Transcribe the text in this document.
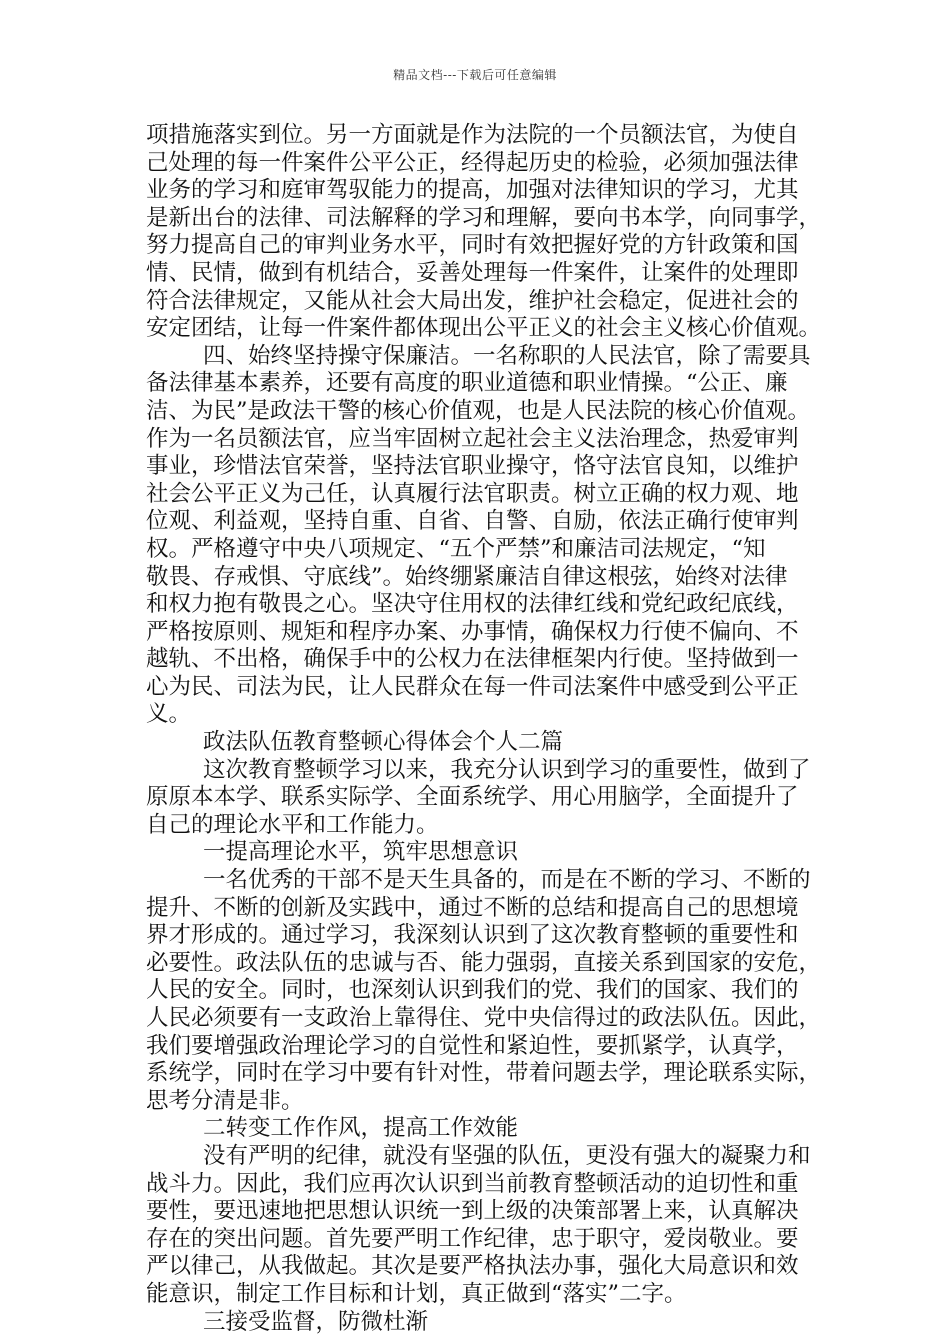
精品文档---下载后可任意编辑
项措施落实到位。另一方面就是作为法院的一个员额法官，为使自
己处理的每一件案件公平公正，经得起历史的检验，必须加强法律
业务的学习和庭审驾驭能力的提高，加强对法律知识的学习，尤其
是新出台的法律、司法解释的学习和理解，要向书本学，向同事学，
努力提高自己的审判业务水平，同时有效把握好党的方针政策和国
情、民情，做到有机结合，妥善处理每一件案件，让案件的处理即
符合法律规定，又能从社会大局出发，维护社会稳定，促进社会的
安定团结，让每一件案件都体现出公平正义的社会主义核心价值观。
四、始终坚持操守保廉洁。一名称职的人民法官，除了需要具
备法律基本素养，还要有高度的职业道德和职业情操。“公正、廉
洁、为民”是政法干警的核心价值观，也是人民法院的核心价值观。
作为一名员额法官，应当牢固树立起社会主义法治理念，热爱审判
事业，珍惜法官荣誉，坚持法官职业操守，恪守法官良知，以维护
社会公平正义为己任，认真履行法官职责。树立正确的权力观、地
位观、利益观，坚持自重、自省、自警、自励，依法正确行使审判
权。严格遵守中央八项规定、“五个严禁”和廉洁司法规定，“知
敬畏、存戒惧、守底线”。始终绷紧廉洁自律这根弦，始终对法律
和权力抱有敬畏之心。坚决守住用权的法律红线和党纪政纪底线，
严格按原则、规矩和程序办案、办事情，确保权力行使不偏向、不
越轨、不出格，确保手中的公权力在法律框架内行使。坚持做到一
心为民、司法为民，让人民群众在每一件司法案件中感受到公平正
义。
政法队伍教育整顿心得体会个人二篇
这次教育整顿学习以来，我充分认识到学习的重要性，做到了
原原本本学、联系实际学、全面系统学、用心用脑学，全面提升了
自己的理论水平和工作能力。
一提高理论水平，筑牢思想意识
一名优秀的干部不是天生具备的，而是在不断的学习、不断的
提升、不断的创新及实践中，通过不断的总结和提高自己的思想境
界才形成的。通过学习，我深刻认识到了这次教育整顿的重要性和
必要性。政法队伍的忠诚与否、能力强弱，直接关系到国家的安危，
人民的安全。同时，也深刻认识到我们的党、我们的国家、我们的
人民必须要有一支政治上靠得住、党中央信得过的政法队伍。因此，
我们要增强政治理论学习的自觉性和紧迫性，要抓紧学，认真学，
系统学，同时在学习中要有针对性，带着问题去学，理论联系实际，
思考分清是非。
二转变工作作风，提高工作效能
没有严明的纪律，就没有坚强的队伍，更没有强大的凝聚力和
战斗力。因此，我们应再次认识到当前教育整顿活动的迫切性和重
要性，要迅速地把思想认识统一到上级的决策部署上来，认真解决
存在的突出问题。首先要严明工作纪律，忠于职守，爱岗敬业。要
严以律己，从我做起。其次是要严格执法办事，强化大局意识和效
能意识，制定工作目标和计划，真正做到“落实”二字。
三接受监督，防微杜渐
